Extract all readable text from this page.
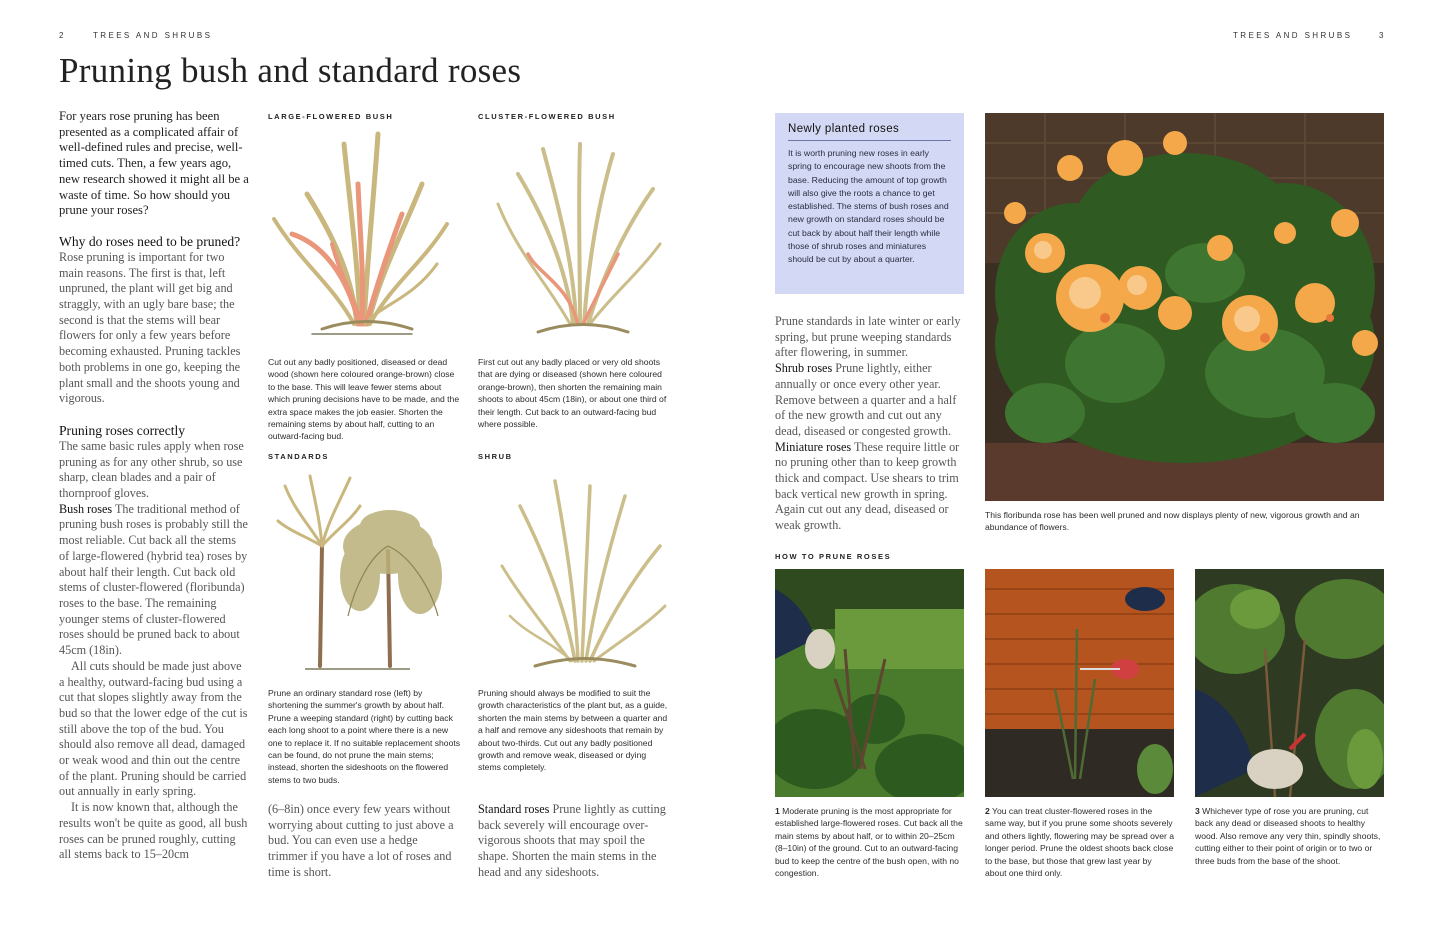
2	TREES AND SHRUBS
Pruning bush and standard roses

For years rose pruning has been presented as a complicated affair of well-defined rules and precise, well-timed cuts. Then, a few years ago, new research showed it might all be a waste of time. So how should you prune your roses?

Why do roses need to be pruned?

Rose pruning is important for two main reasons. The first is that, left unpruned, the plant will get big and straggly, with an ugly bare base; the second is that the stems will bear flowers for only a few years before becoming exhausted. Pruning tackles both problems in one go, keeping the plant small and the shoots young and vigorous.

Pruning roses correctly

The same basic rules apply when rose pruning as for any other shrub, so use sharp, clean blades and a pair of thornproof gloves.

Bush roses The traditional method of pruning bush roses is probably still the most reliable. Cut back all the stems of large-flowered (hybrid tea) roses by about half their length. Cut back old stems of cluster-flowered (floribunda) roses to the base. The remaining younger stems of cluster-flowered roses should be pruned back to about 45cm (18in).

All cuts should be made just above a healthy, outward-facing bud using a cut that slopes slightly away from the bud so that the lower edge of the cut is still above the top of the bud. You should also remove all dead, damaged or weak wood and thin out the centre of the plant. Pruning should be carried out annually in early spring.

It is now known that, although the results won't be quite as good, all bush roses can be pruned roughly, cutting all stems back to 15–20cm

LARGE-FLOWERED BUSH	CLUSTER-FLOWERED BUSH
STANDARDS	SHRUB
Cut out any badly positioned, diseased or dead wood (shown here coloured orange-brown) close to the base. This will leave fewer stems about which pruning decisions have to be made, and the extra space makes the job easier. Shorten the remaining stems by about half, cutting to an outward-facing bud.
First cut out any badly placed or very old shoots that are dying or diseased (shown here coloured orange-brown), then shorten the remaining main shoots to about 45cm (18in), or about one third of their length. Cut back to an outward-facing bud where possible.
Prune an ordinary standard rose (left) by shortening the summer's growth by about half. Prune a weeping standard (right) by cutting back each long shoot to a point where there is a new one to replace it. If no suitable replacement shoots can be found, do not prune the main stems; instead, shorten the sideshoots on the flowered stems to two buds.
Pruning should always be modified to suit the growth characteristics of the plant but, as a guide, shorten the main stems by between a quarter and a half and remove any sideshoots that remain by about two-thirds. Cut out any badly positioned growth and remove weak, diseased or dying stems completely.
(6–8in) once every few years without worrying about cutting to just above a bud. You can even use a hedge trimmer if you have a lot of roses and time is short.
Standard roses Prune lightly as cutting back severely will encourage over-vigorous shoots that may spoil the shape. Shorten the main stems in the head and any sideshoots.
TREES AND SHRUBS	3
Newly planted roses
It is worth pruning new roses in early spring to encourage new shoots from the base. Reducing the amount of top growth will also give the roots a chance to get established. The stems of bush roses and new growth on standard roses should be cut back by about half their length while those of shrub roses and miniatures should be cut by about a quarter.

Prune standards in late winter or early spring, but prune weeping standards after flowering, in summer.

Shrub roses Prune lightly, either annually or once every other year. Remove between a quarter and a half of the new growth and cut out any dead, diseased or congested growth.

Miniature roses These require little or no pruning other than to keep growth thick and compact. Use shears to trim back vertical new growth in spring. Again cut out any dead, diseased or weak growth.

This floribunda rose has been well pruned and now displays plenty of new, vigorous growth and an abundance of flowers.
HOW TO PRUNE ROSES
1 Moderate pruning is the most appropriate for established large-flowered roses. Cut back all the main stems by about half, or to within 20–25cm (8–10in) of the ground. Cut to an outward-facing bud to keep the centre of the bush open, with no congestion.
2 You can treat cluster-flowered roses in the same way, but if you prune some shoots severely and others lightly, flowering may be spread over a longer period. Prune the oldest shoots back close to the base, but those that grew last year by about one third only.
3 Whichever type of rose you are pruning, cut back any dead or diseased shoots to healthy wood. Also remove any very thin, spindly shoots, cutting either to their point of origin or to two or three buds from the base of the shoot.
